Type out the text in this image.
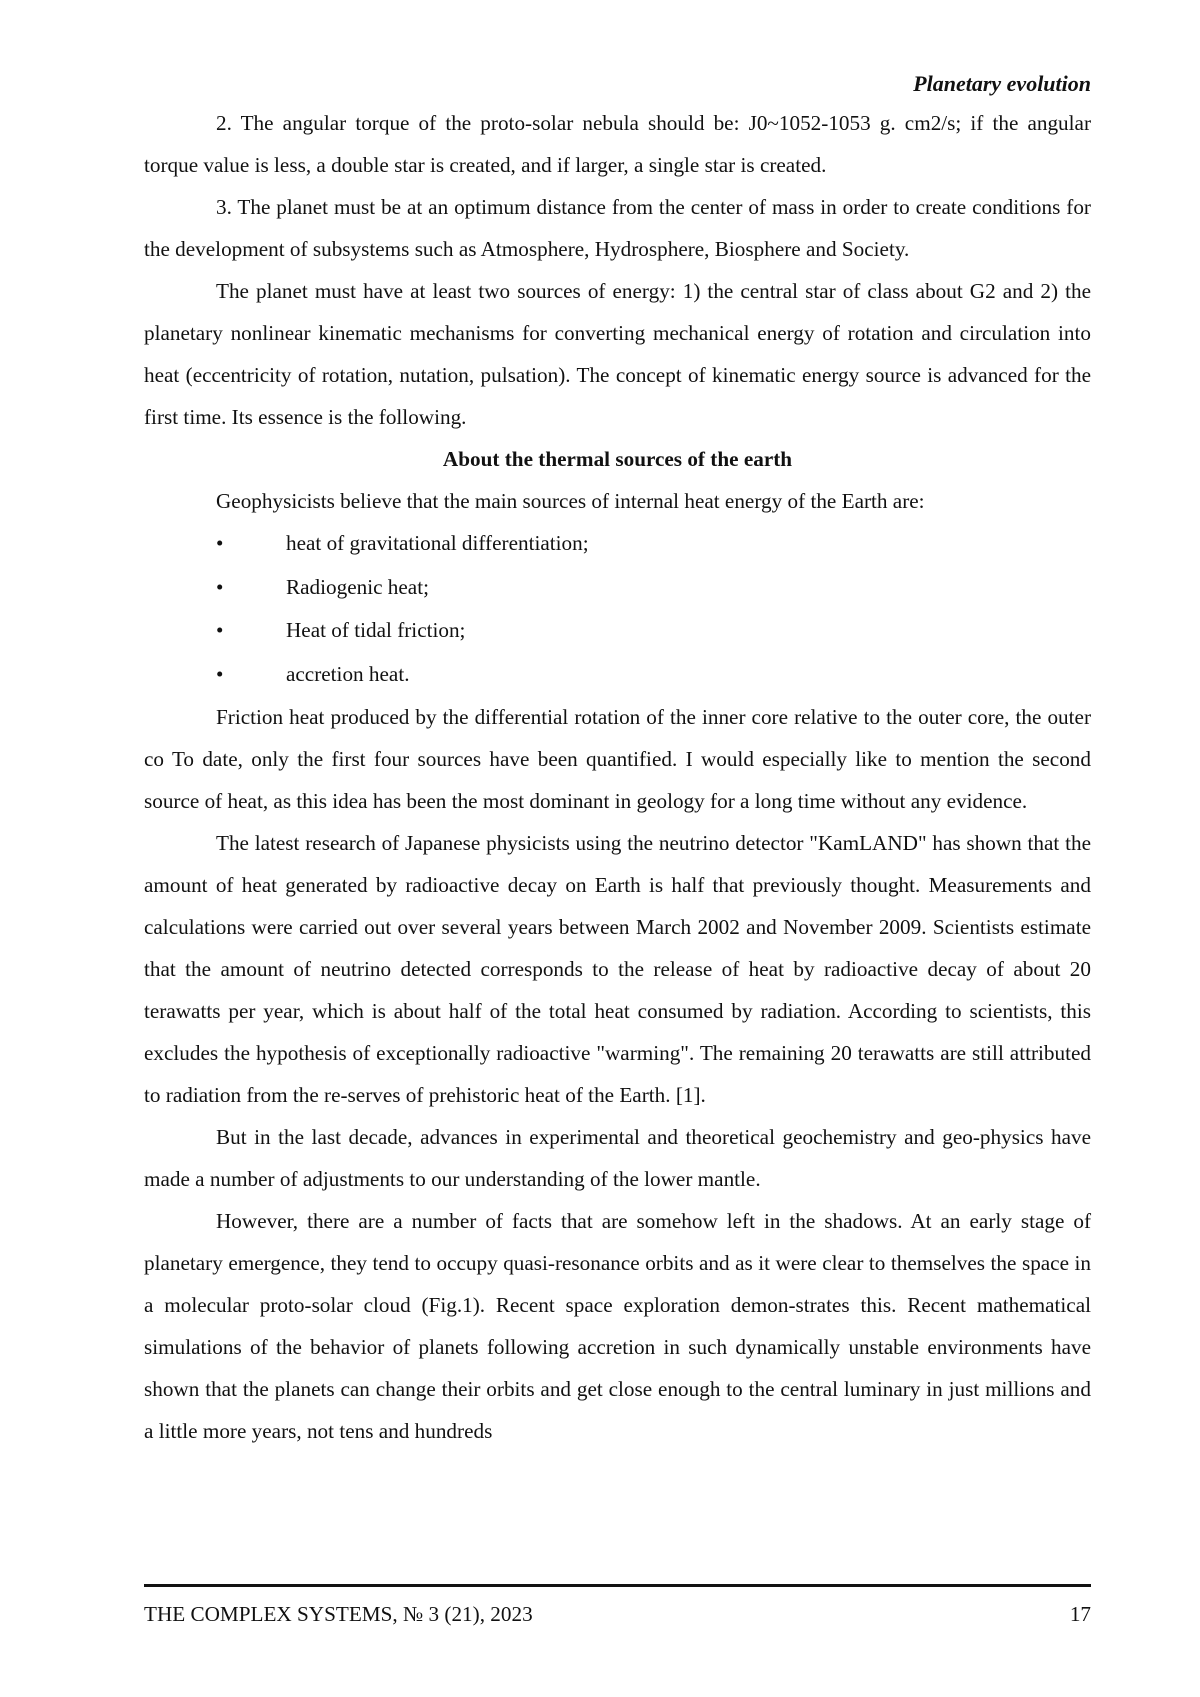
Planetary evolution

2. The angular torque of the proto-solar nebula should be: J0~1052-1053 g. cm2/s; if the angular torque value is less, a double star is created, and if larger, a single star is created.

3. The planet must be at an optimum distance from the center of mass in order to create conditions for the development of subsystems such as Atmosphere, Hydrosphere, Biosphere and Society.

The planet must have at least two sources of energy: 1) the central star of class about G2 and 2) the planetary nonlinear kinematic mechanisms for converting mechanical energy of rotation and circulation into heat (eccentricity of rotation, nutation, pulsation). The concept of kinematic energy source is advanced for the first time. Its essence is the following.

About the thermal sources of the earth

Geophysicists believe that the main sources of internal heat energy of the Earth are:

•	heat of gravitational differentiation;
•	Radiogenic heat;
•	Heat of tidal friction;
•	accretion heat.

Friction heat produced by the differential rotation of the inner core relative to the outer core, the outer co To date, only the first four sources have been quantified. I would especially like to mention the second source of heat, as this idea has been the most dominant in geology for a long time without any evidence.

The latest research of Japanese physicists using the neutrino detector "KamLAND" has shown that the amount of heat generated by radioactive decay on Earth is half that previously thought. Measurements and calculations were carried out over several years between March 2002 and November 2009. Scientists estimate that the amount of neutrino detected corresponds to the release of heat by radioactive decay of about 20 terawatts per year, which is about half of the total heat consumed by radiation. According to scientists, this excludes the hypothesis of exceptionally radioactive "warming". The remaining 20 terawatts are still attributed to radiation from the re-serves of prehistoric heat of the Earth. [1].

But in the last decade, advances in experimental and theoretical geochemistry and geo-physics have made a number of adjustments to our understanding of the lower mantle.

However, there are a number of facts that are somehow left in the shadows. At an early stage of planetary emergence, they tend to occupy quasi-resonance orbits and as it were clear to themselves the space in a molecular proto-solar cloud (Fig.1). Recent space exploration demon-strates this. Recent mathematical simulations of the behavior of planets following accretion in such dynamically unstable environments have shown that the planets can change their orbits and get close enough to the central luminary in just millions and a little more years, not tens and hundreds

THE COMPLEX SYSTEMS, № 3 (21), 2023	17
